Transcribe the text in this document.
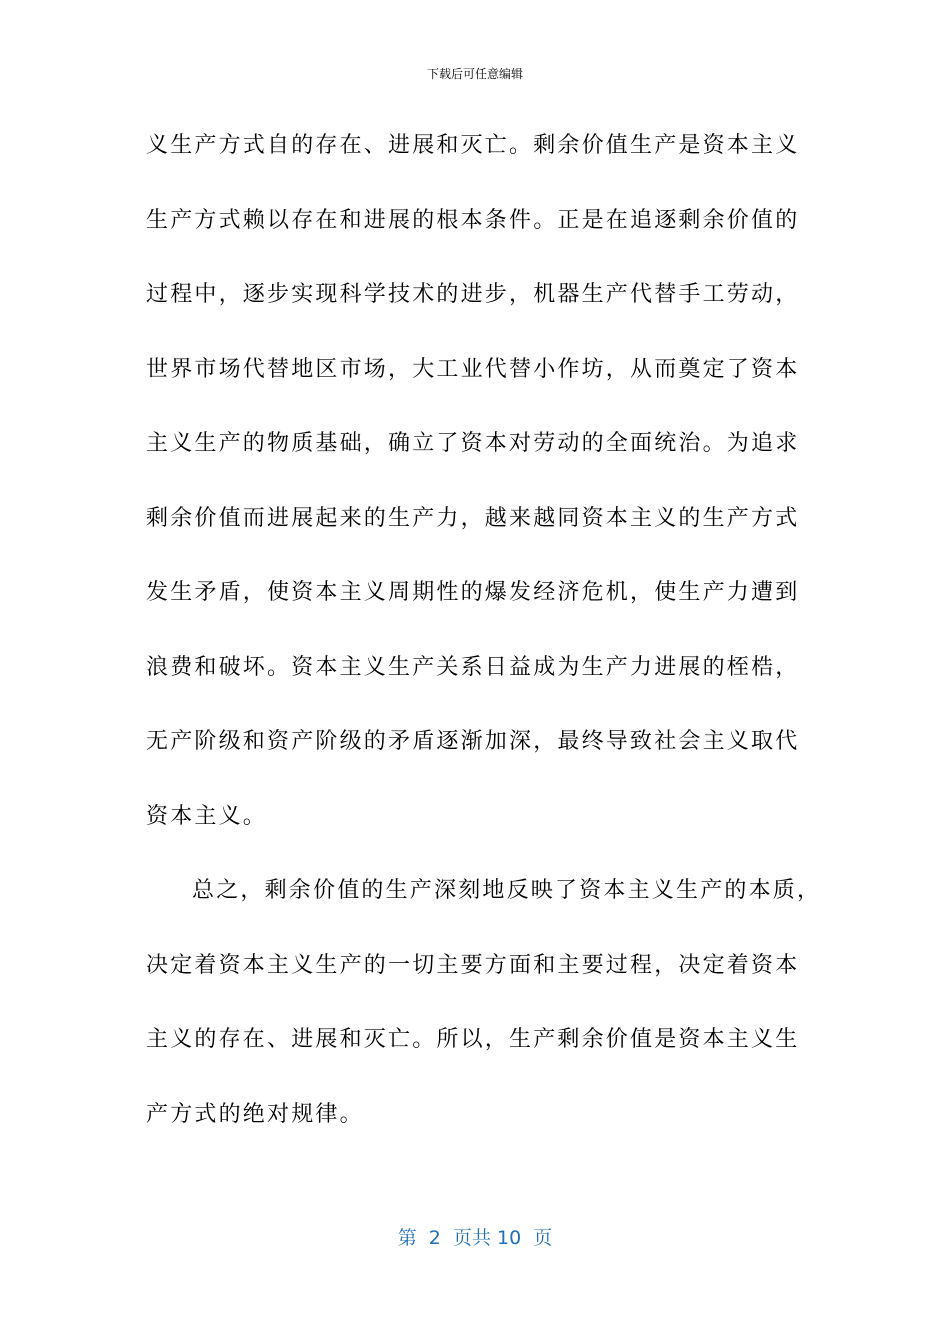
下载后可任意编辑
义生产方式自的存在、进展和灭亡。剩余价值生产是资本主义
生产方式赖以存在和进展的根本条件。正是在追逐剩余价值的
过程中，逐步实现科学技术的进步，机器生产代替手工劳动，
世界市场代替地区市场，大工业代替小作坊，从而奠定了资本
主义生产的物质基础，确立了资本对劳动的全面统治。为追求
剩余价值而进展起来的生产力，越来越同资本主义的生产方式
发生矛盾，使资本主义周期性的爆发经济危机，使生产力遭到
浪费和破坏。资本主义生产关系日益成为生产力进展的桎梏，
无产阶级和资产阶级的矛盾逐渐加深，最终导致社会主义取代
资本主义。
总之，剩余价值的生产深刻地反映了资本主义生产的本质，
决定着资本主义生产的一切主要方面和主要过程，决定着资本
主义的存在、进展和灭亡。所以，生产剩余价值是资本主义生
产方式的绝对规律。
第  2  页共 10  页
